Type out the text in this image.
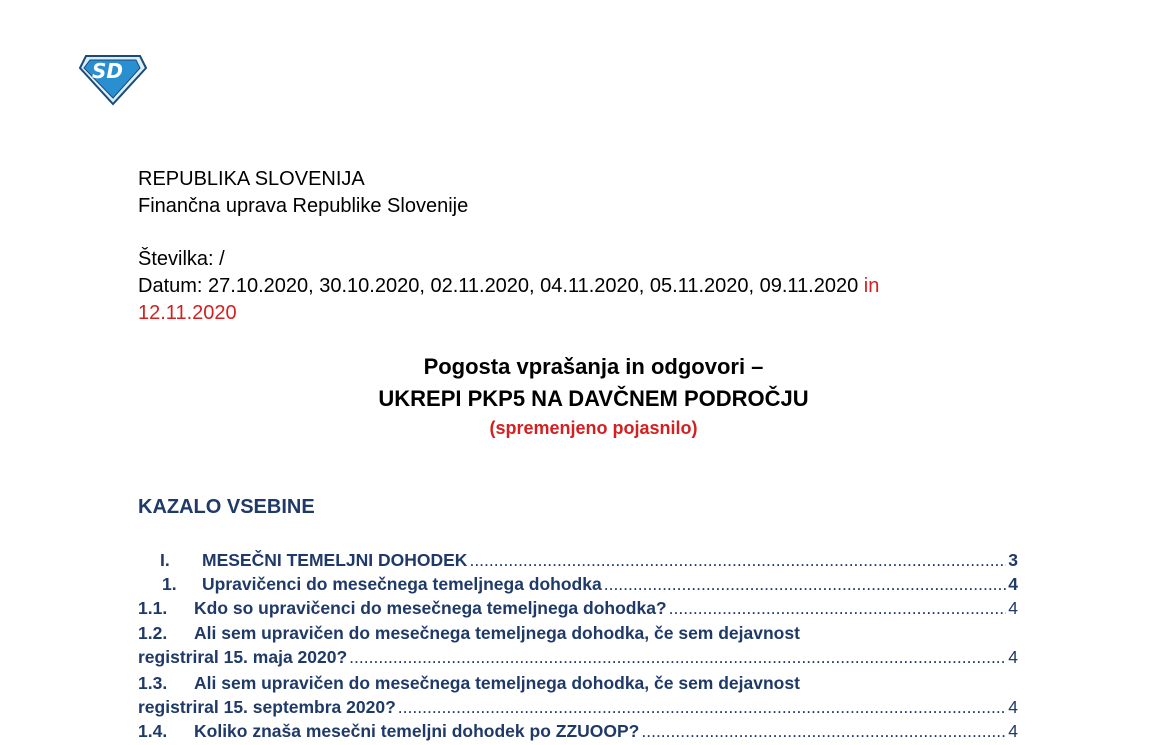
SD
REPUBLIKA SLOVENIJA
Finančna uprava Republike Slovenije
Številka: /
Datum: 27.10.2020, 30.10.2020, 02.11.2020, 04.11.2020, 05.11.2020, 09.11.2020 in
12.11.2020
Pogosta vprašanja in odgovori –
UKREPI PKP5 NA DAVČNEM PODROČJU
(spremenjeno pojasnilo)
KAZALO VSEBINE
I.	MESEČNI TEMELJNI DOHODEK .....	3
1.	Upravičenci do mesečnega temeljnega dohodka .....	4
1.1.	Kdo so upravičenci do mesečnega temeljnega dohodka? .....	4
1.2.	Ali sem upravičen do mesečnega temeljnega dohodka, če sem dejavnost
registriral 15. maja 2020? .....	4
1.3.	Ali sem upravičen do mesečnega temeljnega dohodka, če sem dejavnost
registriral 15. septembra 2020? .....	4
1.4.	Koliko znaša mesečni temeljni dohodek po ZZUOOP? .....	4
